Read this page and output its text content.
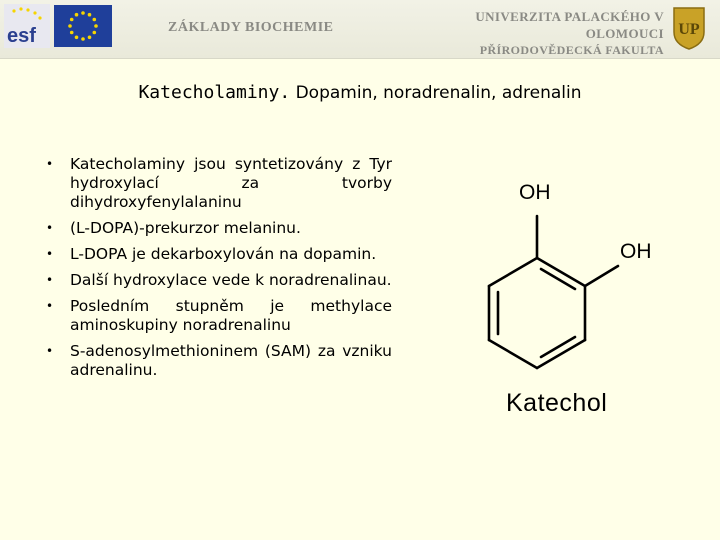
esf	ZÁKLADY BIOCHEMIE
UNIVERZITA PALACKÉHO V OLOMOUCI
PŘÍRODOVĚDECKÁ FAKULTA
UP
Katecholaminy. Dopamin, noradrenalin, adrenalin
• Katecholaminy jsou syntetizovány z Tyr hydroxylací za tvorby dihydroxyfenylalaninu
• (L-DOPA)-prekurzor melaninu.
• L-DOPA je dekarboxylován na dopamin.
• Další hydroxylace vede k noradrenalinau.
• Posledním stupněm je methylace aminoskupiny noradrenalinu
• S-adenosylmethioninem (SAM) za vzniku adrenalinu.
OH
OH
Katechol
